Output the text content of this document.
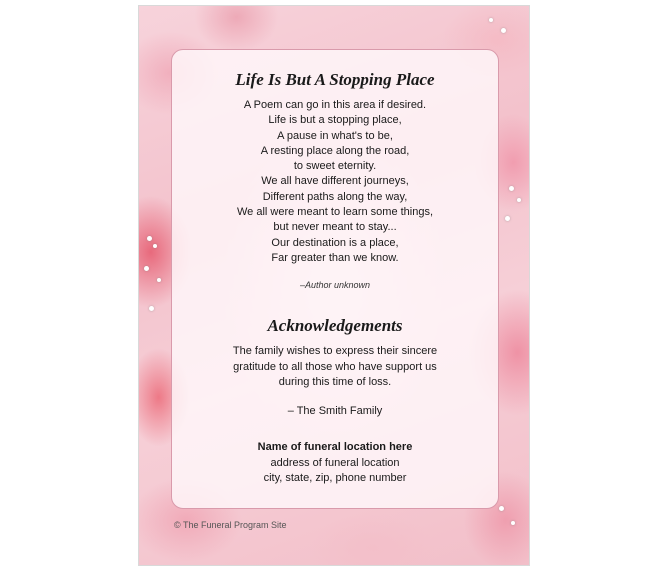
Life Is But A Stopping Place
A Poem can go in this area if desired.
Life is but a stopping place,
A pause in what's to be,
A resting place along the road,
to sweet eternity.
We all have different journeys,
Different paths along the way,
We all were meant to learn some things,
but never meant to stay...
Our destination is a place,
Far greater than we know.
–Author unknown
Acknowledgements
The family wishes to express their sincere
gratitude to all those who have support us
during this time of loss.
– The Smith Family
Name of funeral location here
address of funeral location
city, state, zip, phone number
© The Funeral Program Site
